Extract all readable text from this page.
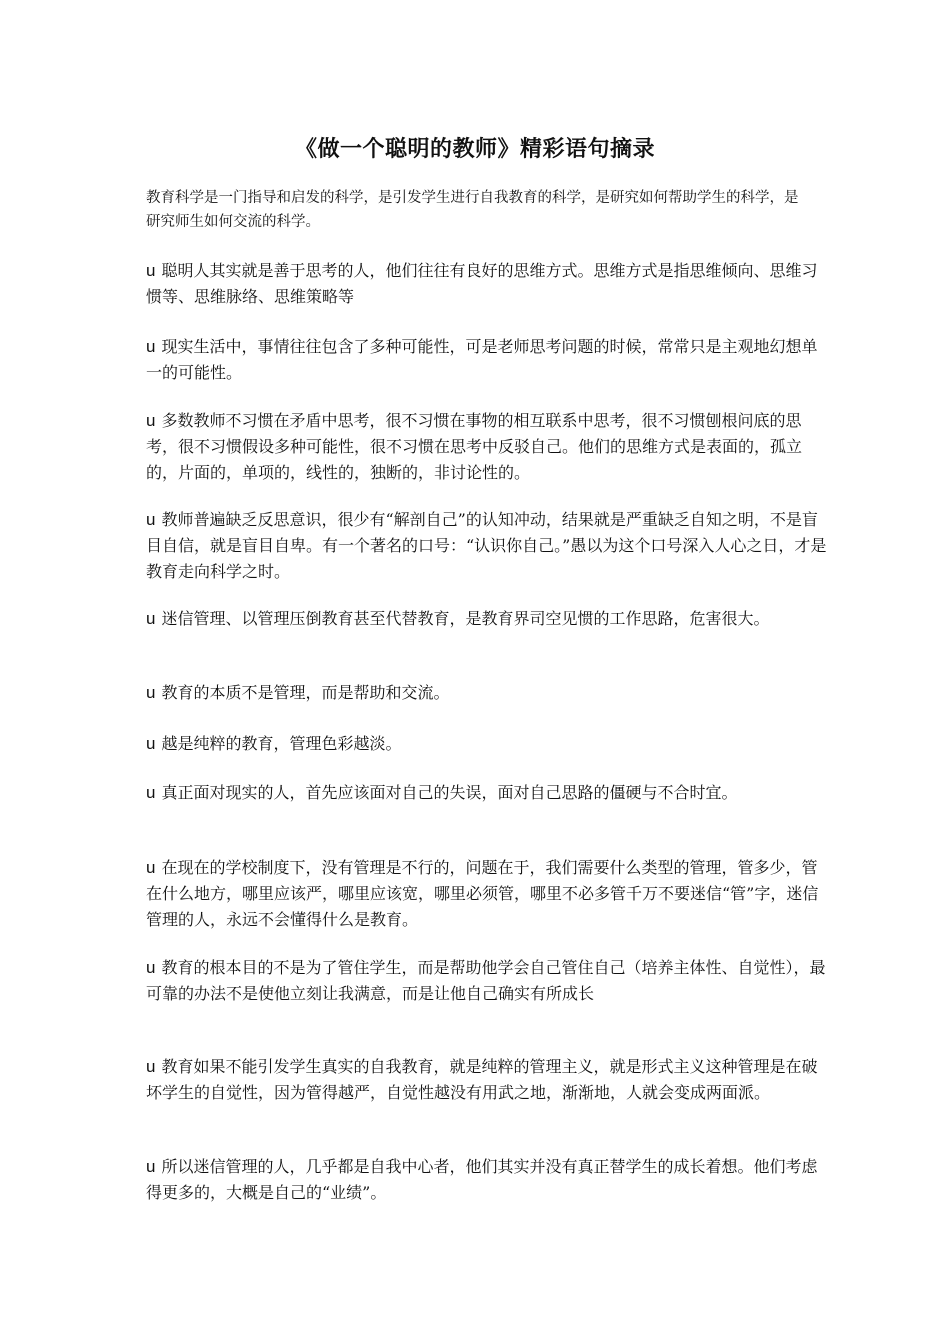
《做一个聪明的教师》精彩语句摘录
教育科学是一门指导和启发的科学，是引发学生进行自我教育的科学，是研究如何帮助学生的科学，是研究师生如何交流的科学。
u 聪明人其实就是善于思考的人，他们往往有良好的思维方式。思维方式是指思维倾向、思维习惯等、思维脉络、思维策略等
u 现实生活中，事情往往包含了多种可能性，可是老师思考问题的时候，常常只是主观地幻想单一的可能性。
u 多数教师不习惯在矛盾中思考，很不习惯在事物的相互联系中思考，很不习惯刨根问底的思考，很不习惯假设多种可能性，很不习惯在思考中反驳自己。他们的思维方式是表面的，孤立的，片面的，单项的，线性的，独断的，非讨论性的。
u 教师普遍缺乏反思意识，很少有“解剖自己”的认知冲动，结果就是严重缺乏自知之明，不是盲目自信，就是盲目自卑。有一个著名的口号：“认识你自己。”愚以为这个口号深入人心之日，才是教育走向科学之时。
u 迷信管理、以管理压倒教育甚至代替教育，是教育界司空见惯的工作思路，危害很大。
u 教育的本质不是管理，而是帮助和交流。
u 越是纯粹的教育，管理色彩越淡。
u 真正面对现实的人，首先应该面对自己的失误，面对自己思路的僵硬与不合时宜。
u 在现在的学校制度下，没有管理是不行的，问题在于，我们需要什么类型的管理，管多少，管在什么地方，哪里应该严，哪里应该宽，哪里必须管，哪里不必多管千万不要迷信“管”字，迷信管理的人，永远不会懂得什么是教育。
u 教育的根本目的不是为了管住学生，而是帮助他学会自己管住自己（培养主体性、自觉性），最可靠的办法不是使他立刻让我满意，而是让他自己确实有所成长
u 教育如果不能引发学生真实的自我教育，就是纯粹的管理主义，就是形式主义这种管理是在破坏学生的自觉性，因为管得越严，自觉性越没有用武之地，渐渐地，人就会变成两面派。
u 所以迷信管理的人，几乎都是自我中心者，他们其实并没有真正替学生的成长着想。他们考虑得更多的，大概是自己的“业绩”。
